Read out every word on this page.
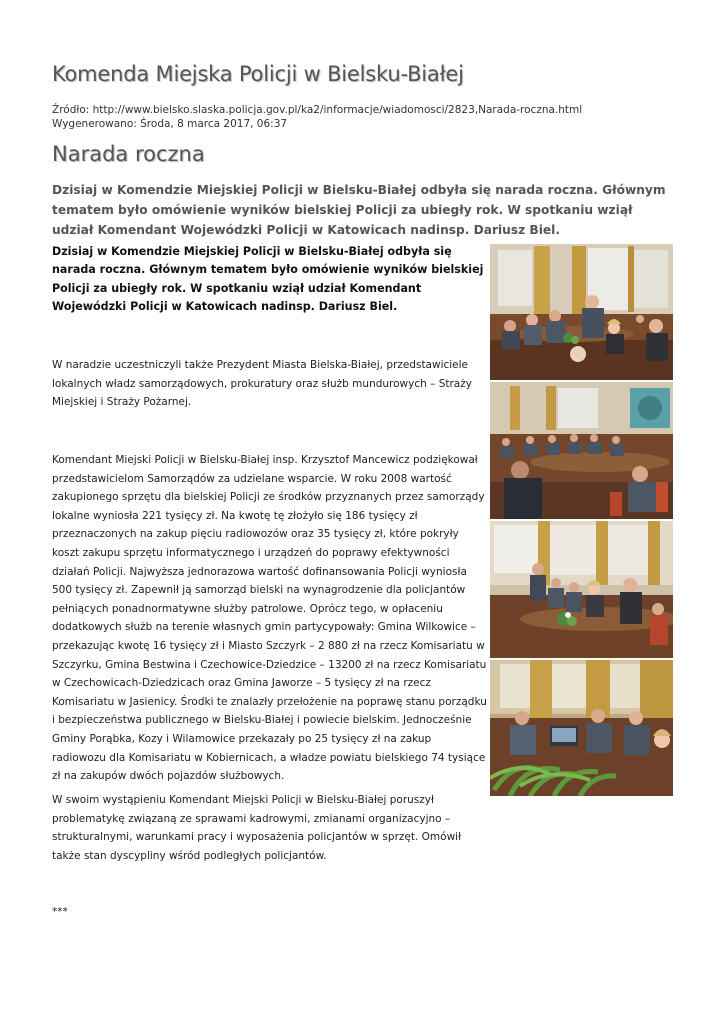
Komenda Miejska Policji w Bielsku-Białej
Źródło: http://www.bielsko.slaska.policja.gov.pl/ka2/informacje/wiadomosci/2823,Narada-roczna.html
Wygenerowano: Środa, 8 marca 2017, 06:37
Narada roczna
Dzisiaj w Komendzie Miejskiej Policji w Bielsku-Białej odbyła się narada roczna. Głównym tematem było omówienie wyników bielskiej Policji za ubiegły rok. W spotkaniu wziął udział Komendant Wojewódzki Policji w Katowicach nadinsp. Dariusz Biel.

Dzisiaj w Komendzie Miejskiej Policji w Bielsku-Białej odbyła się narada roczna. Głównym tematem było omówienie wyników bielskiej Policji za ubiegły rok. W spotkaniu wziął udział Komendant Wojewódzki Policji w Katowicach nadinsp. Dariusz Biel.

W naradzie uczestniczyli także Prezydent Miasta Bielska-Białej, przedstawiciele lokalnych władz samorządowych, prokuratury oraz służb mundurowych – Straży Miejskiej i Straży Pożarnej.

Komendant Miejski Policji w Bielsku-Białej insp. Krzysztof Mancewicz podziękował przedstawicielom Samorządów za udzielane wsparcie. W roku 2008 wartość zakupionego sprzętu dla bielskiej Policji ze środków przyznanych przez samorządy lokalne wyniosła 221 tysięcy zł. Na kwotę tę złożyło się 186 tysięcy zł przeznaczonych na zakup pięciu radiowozów oraz 35 tysięcy zł, które pokryły koszt zakupu sprzętu informatycznego i urządzeń do poprawy efektywności działań Policji. Najwyższa jednorazowa wartość dofinansowania Policji wyniosła 500 tysięcy zł. Zapewnił ją samorząd bielski na wynagrodzenie dla policjantów pełniących ponadnormatywne służby patrolowe. Oprócz tego, w opłaceniu dodatkowych służb na terenie własnych gmin partycypowały: Gmina Wilkowice – przekazując kwotę 16 tysięcy zł i Miasto Szczyrk – 2 880 zł na rzecz Komisariatu w Szczyrku, Gmina Bestwina i Czechowice-Dziedzice – 13200 zł na rzecz Komisariatu w Czechowicach-Dziedzicach oraz Gmina Jaworze – 5 tysięcy zł na rzecz Komisariatu w Jasienicy. Środki te znalazły przełożenie na poprawę stanu porządku i bezpieczeństwa publicznego w Bielsku-Białej i powiecie bielskim. Jednocześnie Gminy Porąbka, Kozy i Wilamowice przekazały po 25 tysięcy zł na zakup radiowozu dla Komisariatu w Kobiernicach, a władze powiatu bielskiego 74 tysiące zł na zakupów dwóch pojazdów służbowych.

W swoim wystąpieniu Komendant Miejski Policji w Bielsku-Białej poruszył problematykę związaną ze sprawami kadrowymi, zmianami organizacyjno – strukturalnymi, warunkami pracy i wyposażenia policjantów w sprzęt. Omówił także stan dyscypliny wśród podległych policjantów.

***
